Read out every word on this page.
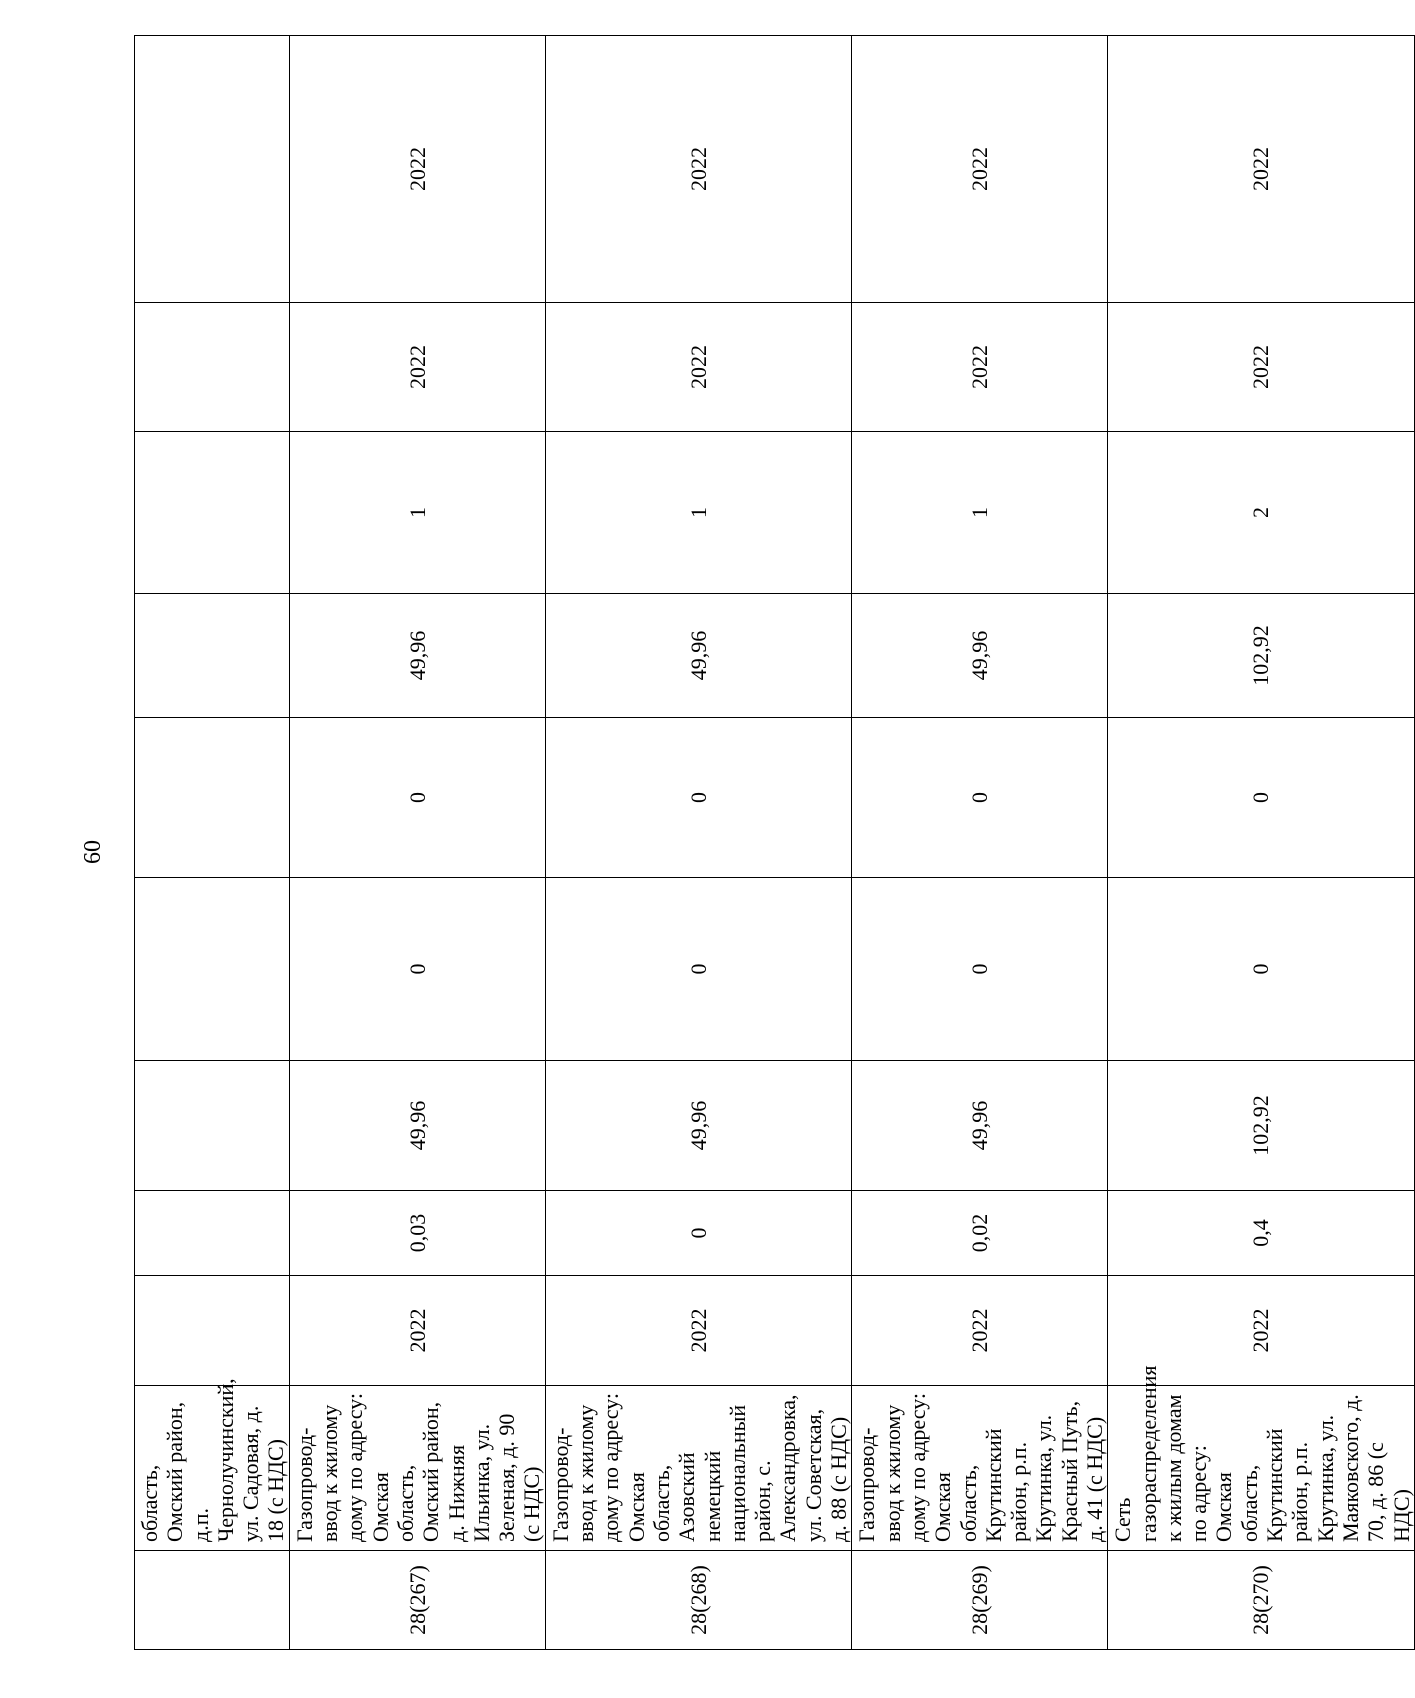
60
	область, Омский район, д.п. Чернолучинский, ул. Садовая, д. 18 (с НДС)									
28(267)	Газопровод-ввод к жилому дому по адресу: Омская область, Омский район, д. Нижняя Ильинка, ул. Зеленая, д. 90 (с НДС)	2022	0,03	49,96	0	0	49,96	1	2022	2022
28(268)	Газопровод-ввод к жилому дому по адресу: Омская область, Азовский немецкий национальный район, с. Александровка, ул. Советская, д. 88 (с НДС)	2022	0	49,96	0	0	49,96	1	2022	2022
28(269)	Газопровод-ввод к жилому дому по адресу: Омская область, Крутинский район, р.п. Крутинка, ул. Красный Путь, д. 41 (с НДС)	2022	0,02	49,96	0	0	49,96	1	2022	2022
28(270)	Сеть газораспределения к жилым домам по адресу: Омская область, Крутинский район, р.п. Крутинка, ул. Маяковского, д. 70, д. 86 (с НДС)	2022	0,4	102,92	0	0	102,92	2	2022	2022
